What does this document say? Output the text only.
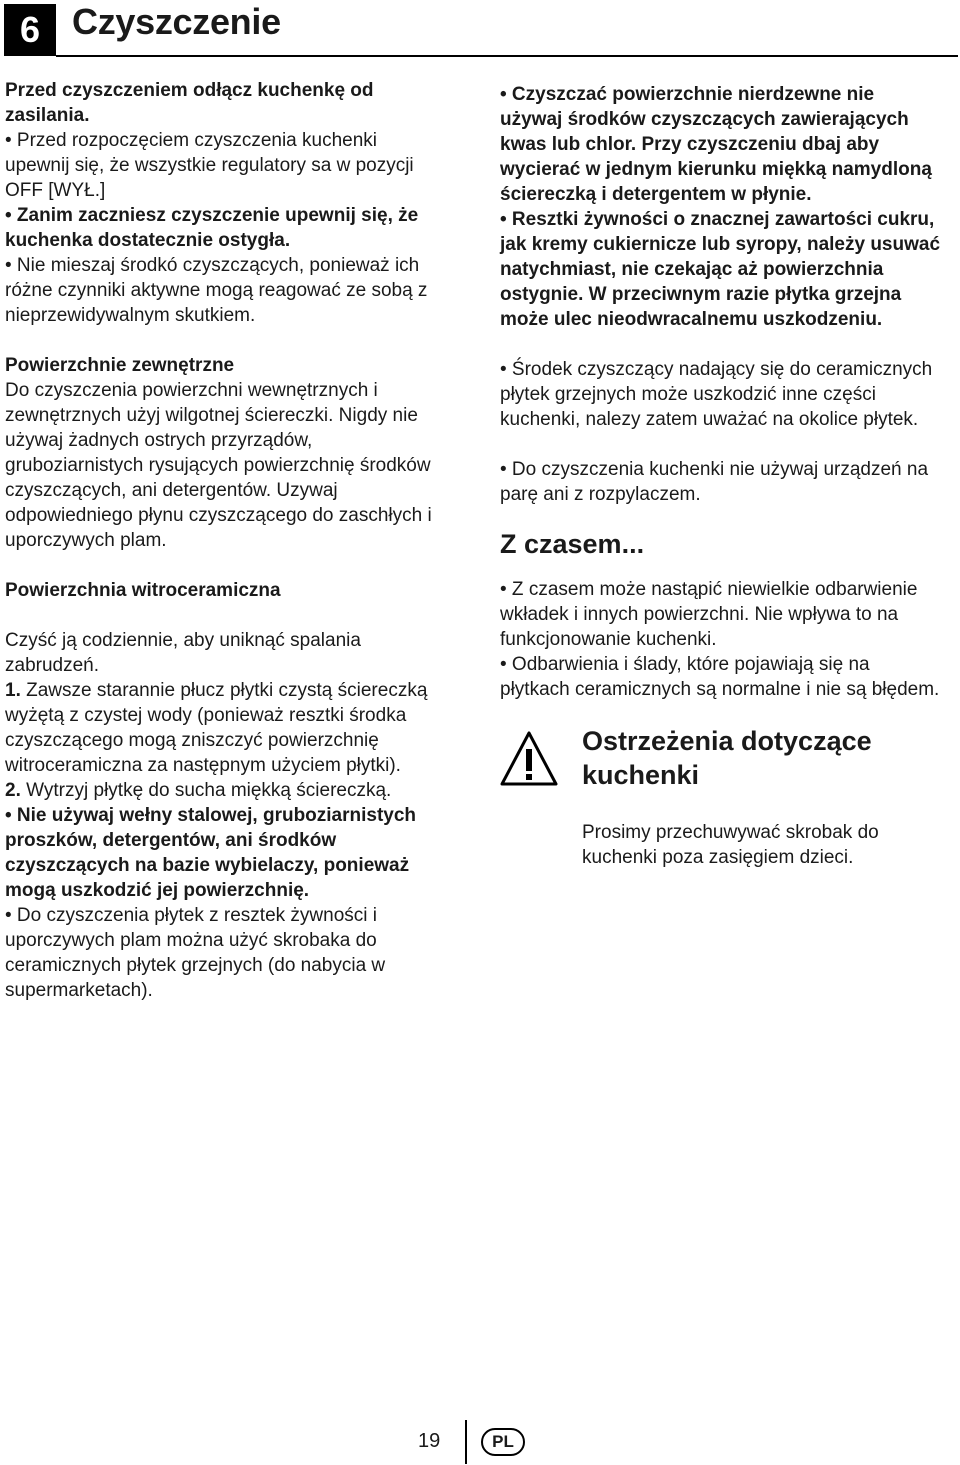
6 Czyszczenie

Przed czyszczeniem odłącz kuchenkę od zasilania.

• Przed rozpoczęciem czyszczenia kuchenki upewnij się, że wszystkie regulatory sa w pozycji OFF [WYŁ.]

• Zanim zaczniesz czyszczenie upewnij się, że kuchenka dostatecznie ostygła.

• Nie mieszaj środkó czyszczących, ponieważ ich różne czynniki aktywne mogą reagować ze sobą z nieprzewidywalnym skutkiem.

Powierzchnie zewnętrzne

Do czyszczenia powierzchni wewnętrznych i zewnętrznych użyj wilgotnej ściereczki. Nigdy nie używaj żadnych ostrych przyrządów, gruboziarnistych rysujących powierzchnię środków czyszczących, ani detergentów. Uzywaj odpowiedniego płynu czyszczącego do zaschłych i uporczywych plam.

Powierzchnia witroceramiczna

Czyść ją codziennie, aby uniknąć spalania zabrudzeń.

1. Zawsze starannie płucz płytki czystą ściereczką wyżętą z czystej wody (ponieważ resztki środka czyszczącego mogą zniszczyć powierzchnię witroceramiczna za następnym użyciem płytki).

2. Wytrzyj płytkę do sucha miękką ściereczką.

• Nie używaj wełny stalowej, gruboziarnistych proszków, detergentów, ani środków czyszczących na bazie wybielaczy, ponieważ mogą uszkodzić jej powierzchnię.

• Do czyszczenia płytek z resztek żywności i uporczywych plam można użyć skrobaka do ceramicznych płytek grzejnych (do nabycia w supermarketach).

• Czyszczać powierzchnie nierdzewne nie używaj środków czyszczących zawierających kwas lub chlor. Przy czyszczeniu dbaj aby wycierać w jednym kierunku miękką namydloną ściereczką i detergentem w płynie.

• Resztki żywności o znacznej zawartości cukru, jak kremy cukiernicze lub syropy, należy usuwać natychmiast, nie czekając aż powierzchnia ostygnie. W przeciwnym razie płytka grzejna może ulec nieodwracalnemu uszkodzeniu.

• Środek czyszczący nadający się do ceramicznych płytek grzejnych może uszkodzić inne części kuchenki, nalezy zatem uważać na okolice płytek.

• Do czyszczenia kuchenki nie używaj urządzeń na parę ani z rozpylaczem.

Z czasem...

• Z czasem może nastąpić niewielkie odbarwienie wkładek i innych powierzchni. Nie wpływa to na funkcjonowanie kuchenki.

• Odbarwienia i ślady, które pojawiają się na płytkach ceramicznych są normalne i nie są błędem.

Ostrzeżenia dotyczące kuchenki
Prosimy przechuwywać skrobak do kuchenki poza zasięgiem dzieci.
19	PL
